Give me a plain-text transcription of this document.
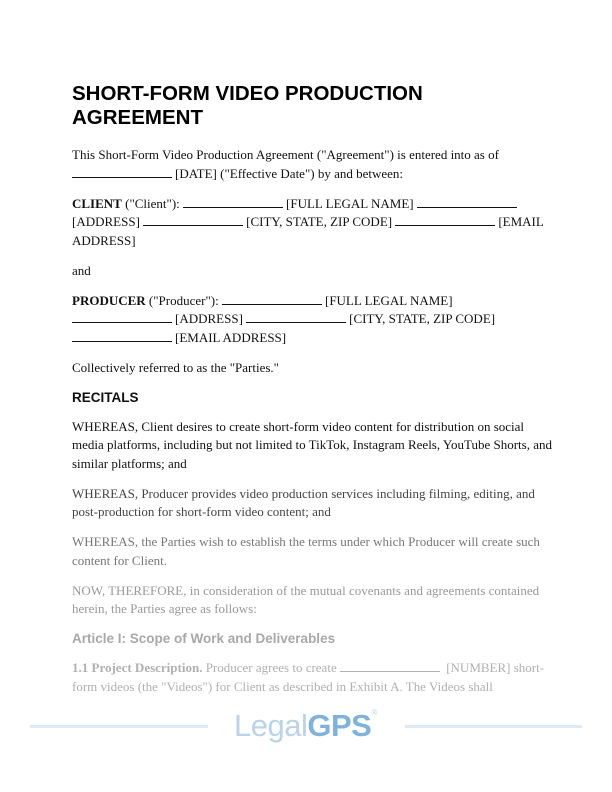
SHORT-FORM VIDEO PRODUCTION AGREEMENT

This Short-Form Video Production Agreement ("Agreement") is entered into as of
[DATE] ("Effective Date") by and between:

CLIENT ("Client"):	[FULL LEGAL NAME] [ADDRESS]	[CITY, STATE, ZIP CODE]	[EMAIL ADDRESS]

and

PRODUCER ("Producer"):	[FULL LEGAL NAME]
[ADDRESS]	[CITY, STATE, ZIP CODE]
[EMAIL ADDRESS]

Collectively referred to as the "Parties."

RECITALS

WHEREAS, Client desires to create short-form video content for distribution on social media platforms, including but not limited to TikTok, Instagram Reels, YouTube Shorts, and similar platforms; and

WHEREAS, Producer provides video production services including filming, editing, and post-production for short-form video content; and

WHEREAS, the Parties wish to establish the terms under which Producer will create such content for Client.

NOW, THEREFORE, in consideration of the mutual covenants and agreements contained herein, the Parties agree as follows:

Article I: Scope of Work and Deliverables

1.1 Project Description. Producer agrees to create	[NUMBER] short-form videos (the "Videos") for Client as described in Exhibit A. The Videos shall

LegalGPS®
